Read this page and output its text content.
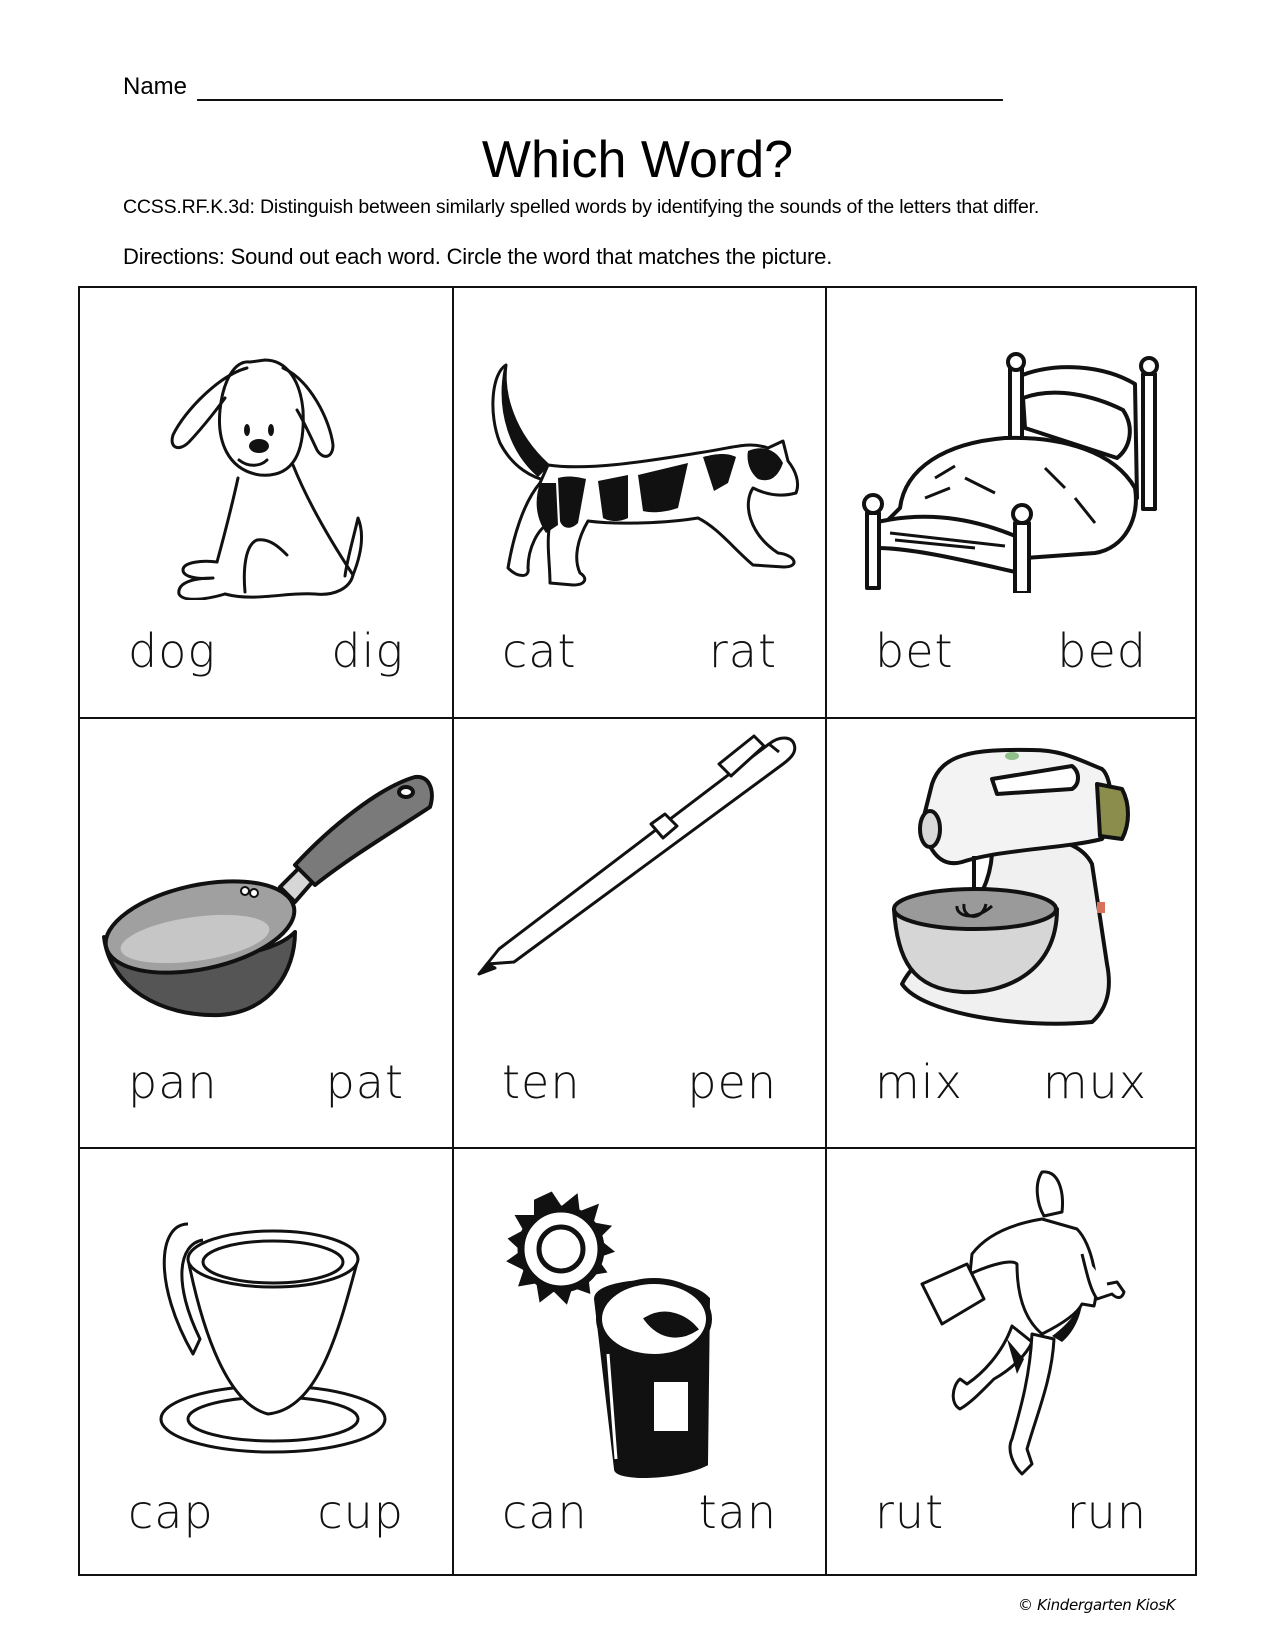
Name
Which Word?
CCSS.RF.K.3d: Distinguish between similarly spelled words by identifying the sounds of the letters that differ.
Directions: Sound out each word. Circle the word that matches the picture.
dog	dig cat	rat bet bed
pan pat ten pen mix mux
cap cup can tan rut	run
© Kindergarten KiosK
